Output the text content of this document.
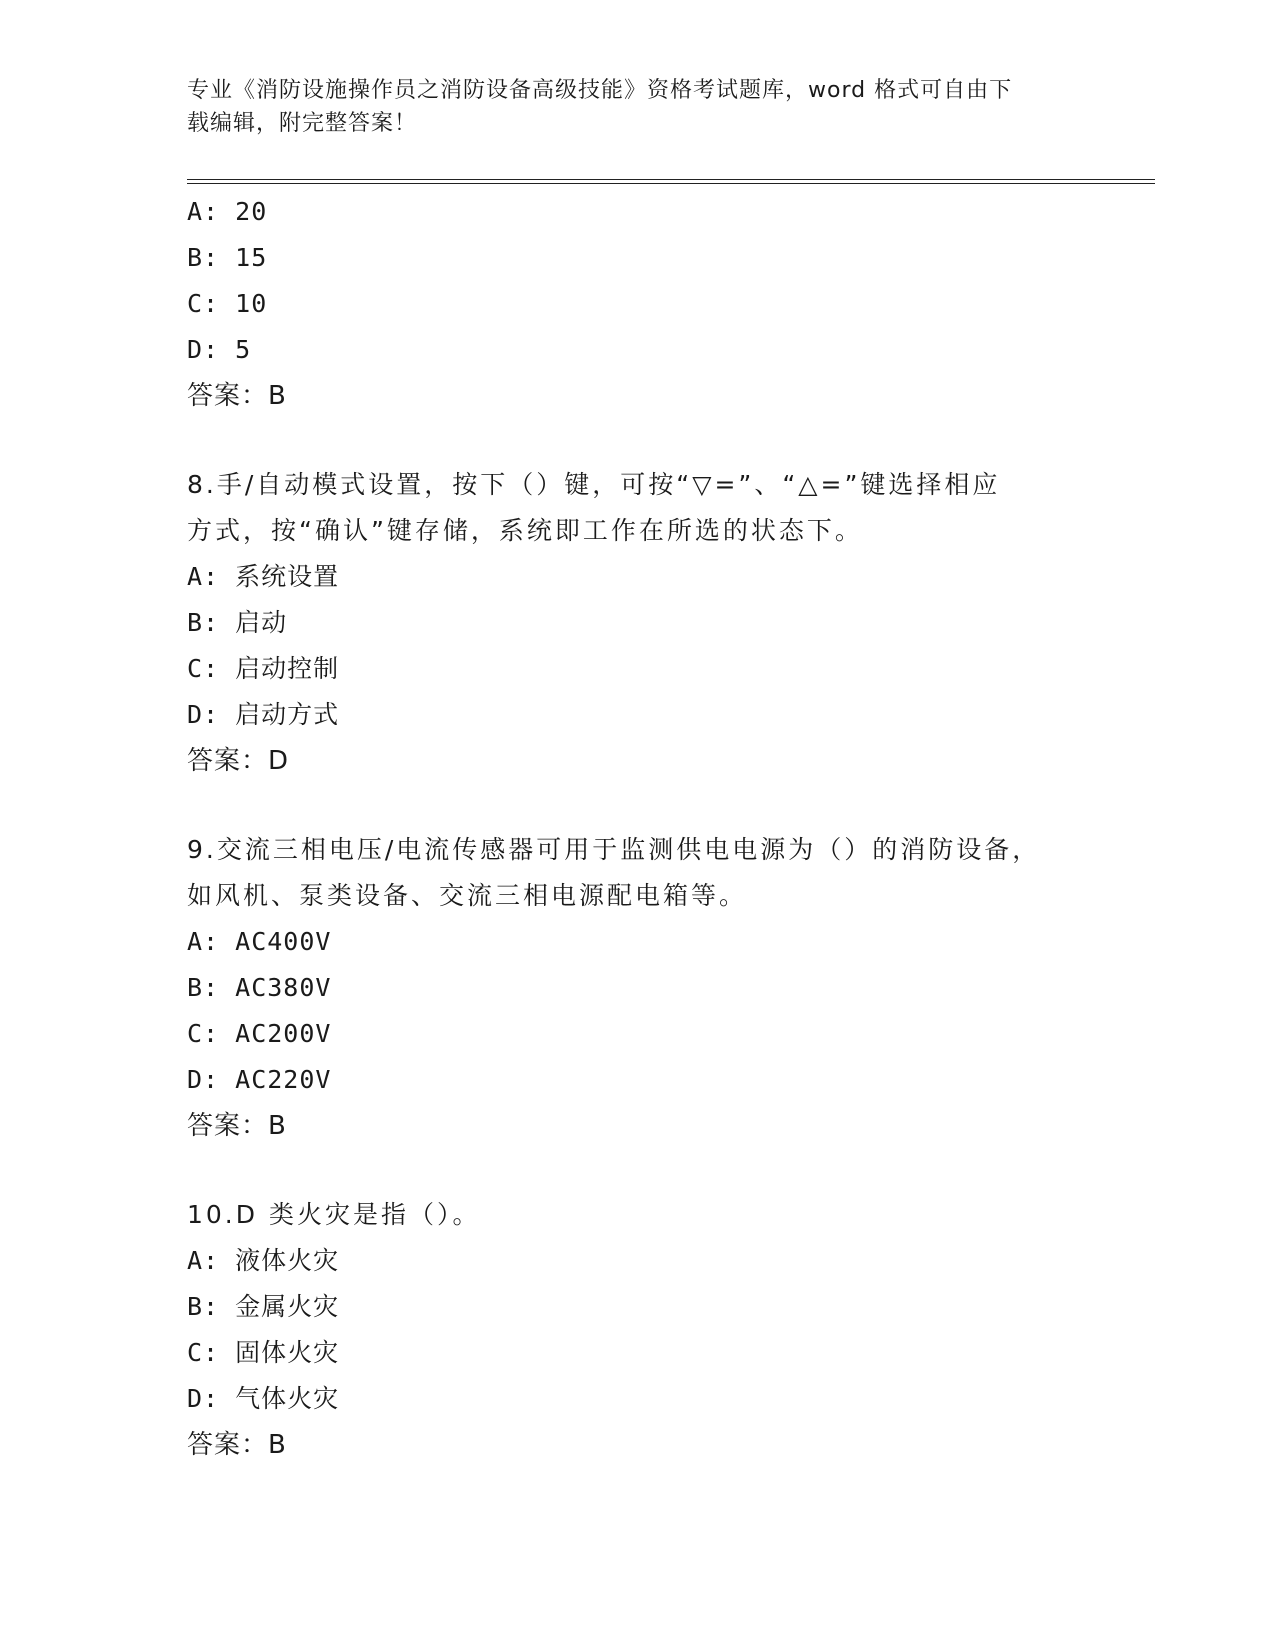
专业《消防设施操作员之消防设备高级技能》资格考试题库，word 格式可自由下
载编辑，附完整答案！
A: 20
B: 15
C: 10
D: 5
答案：B
8.手/自动模式设置，按下（）键，可按“▽=”、“△=”键选择相应
方式，按“确认”键存储，系统即工作在所选的状态下。
A: 系统设置
B: 启动
C: 启动控制
D: 启动方式
答案：D
9.交流三相电压/电流传感器可用于监测供电电源为（）的消防设备，
如风机、泵类设备、交流三相电源配电箱等。
A: AC400V
B: AC380V
C: AC200V
D: AC220V
答案：B
10.D 类火灾是指（）。
A: 液体火灾
B: 金属火灾
C: 固体火灾
D: 气体火灾
答案：B
